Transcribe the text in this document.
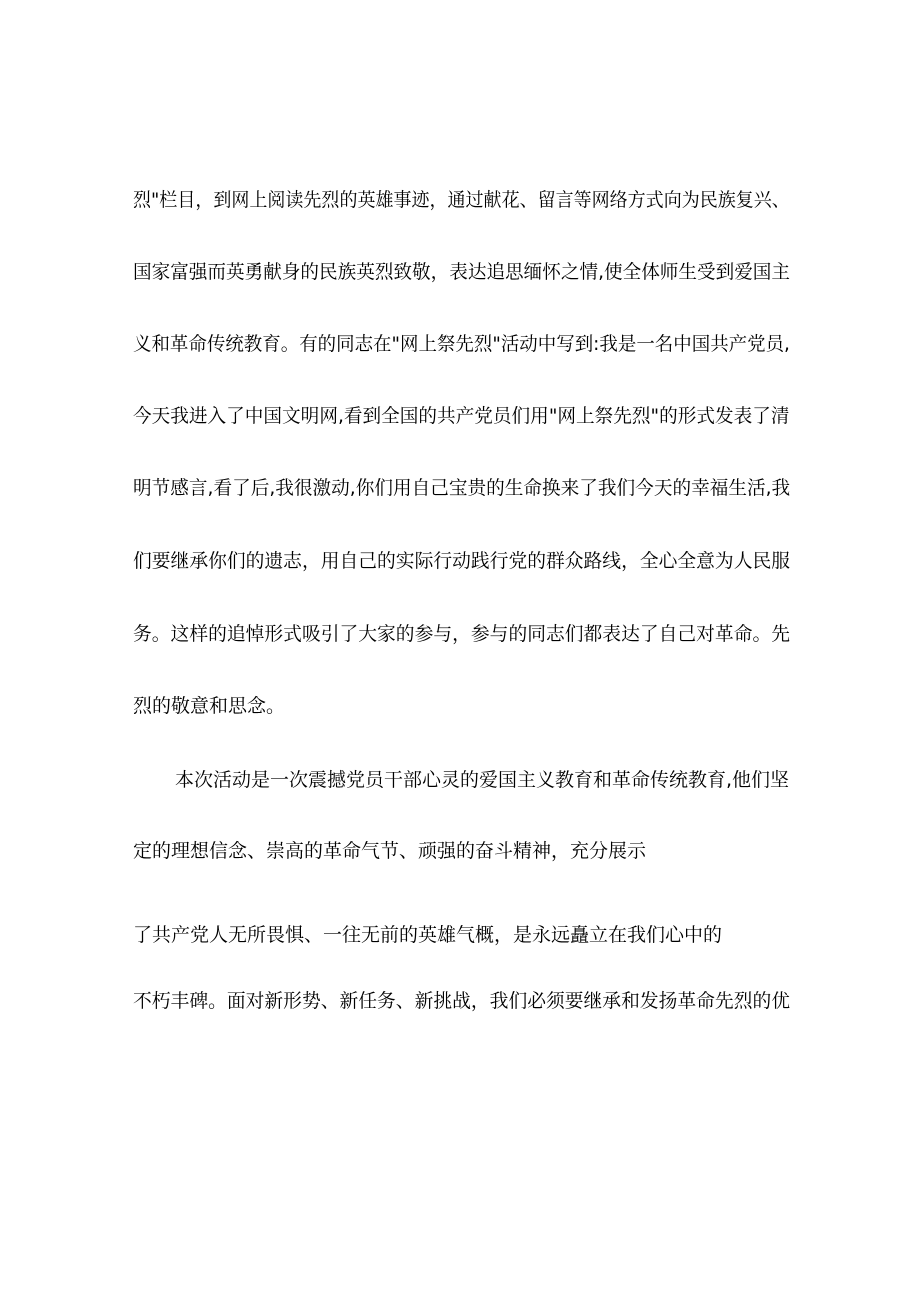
烈"栏目，到网上阅读先烈的英雄事迹，通过献花、留言等网络方式向为民族复兴、
国家富强而英勇献身的民族英烈致敬，表达追思缅怀之情,使全体师生受到爱国主
义和革命传统教育。有的同志在"网上祭先烈"活动中写到:我是一名中国共产党员,
今天我进入了中国文明网,看到全国的共产党员们用"网上祭先烈"的形式发表了清
明节感言,看了后,我很激动,你们用自己宝贵的生命换来了我们今天的幸福生活,我
们要继承你们的遗志，用自己的实际行动践行党的群众路线，全心全意为人民服
务。这样的追悼形式吸引了大家的参与，参与的同志们都表达了自己对革命。先
烈的敬意和思念。
本次活动是一次震撼党员干部心灵的爱国主义教育和革命传统教育,他们坚
定的理想信念、崇高的革命气节、顽强的奋斗精神，充分展示
了共产党人无所畏惧、一往无前的英雄气概，是永远矗立在我们心中的
不朽丰碑。面对新形势、新任务、新挑战，我们必须要继承和发扬革命先烈的优
